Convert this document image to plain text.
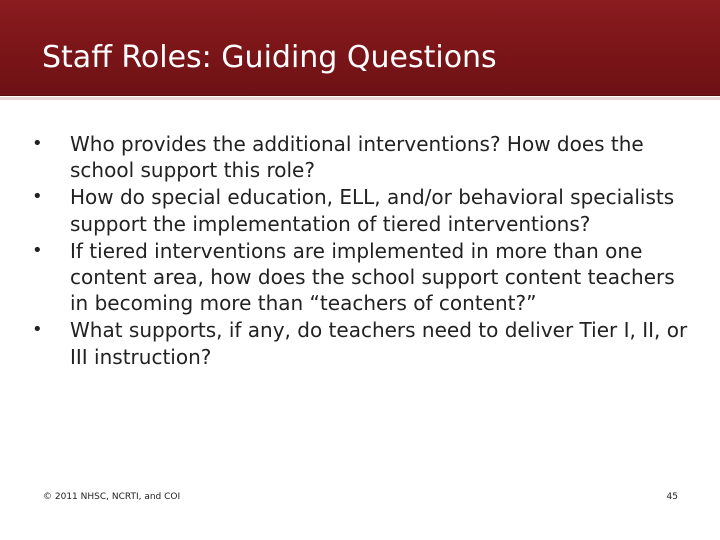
Staff Roles: Guiding Questions
• Who provides the additional interventions? How does the school support this role?
• How do special education, ELL, and/or behavioral specialists support the implementation of tiered interventions?
• If tiered interventions are implemented in more than one content area, how does the school support content teachers in becoming more than “teachers of content?”
• What supports, if any, do teachers need to deliver Tier I, II, or III instruction?
© 2011 NHSC, NCRTI, and COI	45
